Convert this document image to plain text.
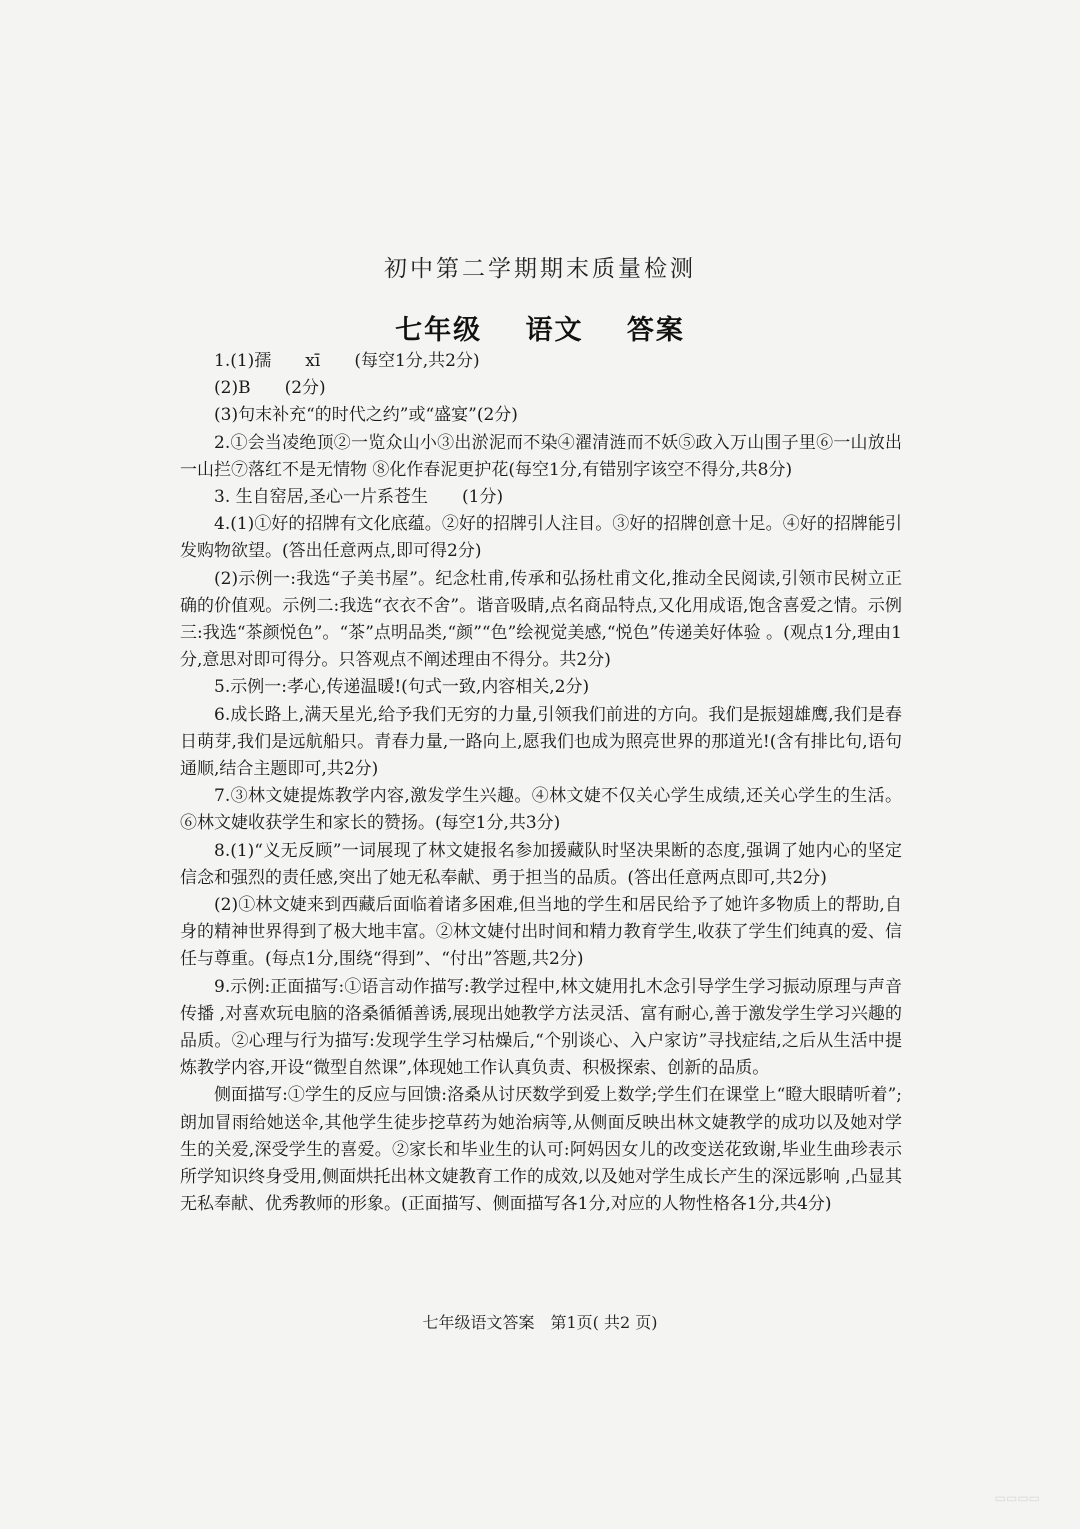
初中第二学期期末质量检测
七年级 语文 答案

1.(1)孺　　xī　　(每空1分,共2分)

(2)B　　(2分)

(3)句末补充“的时代之约”或“盛宴”(2分)

2.①会当凌绝顶②一览众山小③出淤泥而不染④濯清涟而不妖⑤政入万山围子里⑥一山放出一山拦⑦落红不是无情物 ⑧化作春泥更护花(每空1分,有错别字该空不得分,共8分)

3. 生自窑居,圣心一片系苍生　　(1分)

4.(1)①好的招牌有文化底蕴。②好的招牌引人注目。③好的招牌创意十足。④好的招牌能引发购物欲望。(答出任意两点,即可得2分)

(2)示例一:我选“子美书屋”。纪念杜甫,传承和弘扬杜甫文化,推动全民阅读,引领市民树立正确的价值观。示例二:我选“衣衣不舍”。谐音吸睛,点名商品特点,又化用成语,饱含喜爱之情。示例三:我选“茶颜悦色”。“茶”点明品类,“颜”“色”绘视觉美感,“悦色”传递美好体验 。(观点1分,理由1分,意思对即可得分。只答观点不阐述理由不得分。共2分)

5.示例一:孝心,传递温暖!(句式一致,内容相关,2分)

6.成长路上,满天星光,给予我们无穷的力量,引领我们前进的方向。我们是振翅雄鹰,我们是春日萌芽,我们是远航船只。青春力量,一路向上,愿我们也成为照亮世界的那道光!(含有排比句,语句通顺,结合主题即可,共2分)

7.③林文婕提炼教学内容,激发学生兴趣。④林文婕不仅关心学生成绩,还关心学生的生活。⑥林文婕收获学生和家长的赞扬。(每空1分,共3分)

8.(1)“义无反顾”一词展现了林文婕报名参加援藏队时坚决果断的态度,强调了她内心的坚定信念和强烈的责任感,突出了她无私奉献、勇于担当的品质。(答出任意两点即可,共2分)

(2)①林文婕来到西藏后面临着诸多困难,但当地的学生和居民给予了她许多物质上的帮助,自身的精神世界得到了极大地丰富。②林文婕付出时间和精力教育学生,收获了学生们纯真的爱、信任与尊重。(每点1分,围绕“得到”、“付出”答题,共2分)

9.示例:正面描写:①语言动作描写:教学过程中,林文婕用扎木念引导学生学习振动原理与声音传播 ,对喜欢玩电脑的洛桑循循善诱,展现出她教学方法灵活、富有耐心,善于激发学生学习兴趣的品质。②心理与行为描写:发现学生学习枯燥后,“个别谈心、入户家访”寻找症结,之后从生活中提炼教学内容,开设“微型自然课”,体现她工作认真负责、积极探索、创新的品质。

侧面描写:①学生的反应与回馈:洛桑从讨厌数学到爱上数学;学生们在课堂上“瞪大眼睛听着”;朗加冒雨给她送伞,其他学生徒步挖草药为她治病等,从侧面反映出林文婕教学的成功以及她对学生的关爱,深受学生的喜爱。②家长和毕业生的认可:阿妈因女儿的改变送花致谢,毕业生曲珍表示所学知识终身受用,侧面烘托出林文婕教育工作的成效,以及她对学生成长产生的深远影响 ,凸显其无私奉献、优秀教师的形象。(正面描写、侧面描写各1分,对应的人物性格各1分,共4分)

七年级语文答案　第1页( 共2 页)
▭▭▭▭
